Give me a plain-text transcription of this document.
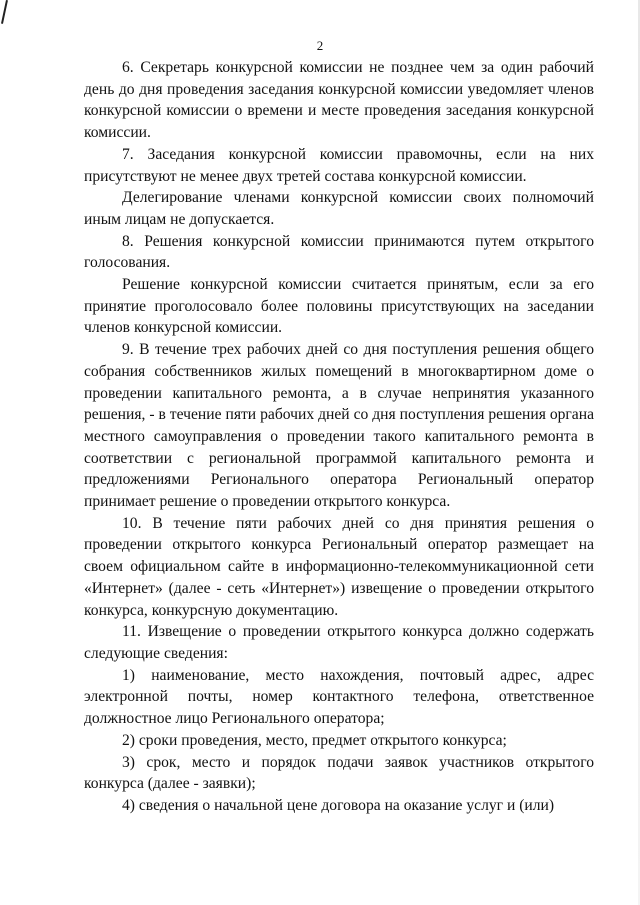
2

6. Секретарь конкурсной комиссии не позднее чем за один рабочий день до дня проведения заседания конкурсной комиссии уведомляет членов конкурсной комиссии о времени и месте проведения заседания конкурсной комиссии.

7. Заседания конкурсной комиссии правомочны, если на них присутствуют не менее двух третей состава конкурсной комиссии.

Делегирование членами конкурсной комиссии своих полномочий иным лицам не допускается.

8. Решения конкурсной комиссии принимаются путем открытого голосования.

Решение конкурсной комиссии считается принятым, если за его принятие проголосовало более половины присутствующих на заседании членов конкурсной комиссии.

9. В течение трех рабочих дней со дня поступления решения общего собрания собственников жилых помещений в многоквартирном доме о проведении капитального ремонта, а в случае непринятия указанного решения, - в течение пяти рабочих дней со дня поступления решения органа местного самоуправления о проведении такого капитального ремонта в соответствии с региональной программой капитального ремонта и предложениями Регионального оператора Региональный оператор принимает решение о проведении открытого конкурса.

10. В течение пяти рабочих дней со дня принятия решения о проведении открытого конкурса Региональный оператор размещает на своем официальном сайте в информационно-телекоммуникационной сети «Интернет» (далее - сеть «Интернет») извещение о проведении открытого конкурса, конкурсную документацию.

11. Извещение о проведении открытого конкурса должно содержать следующие сведения:

1) наименование, место нахождения, почтовый адрес, адрес электронной почты, номер контактного телефона, ответственное должностное лицо Регионального оператора;

2) сроки проведения, место, предмет открытого конкурса;

3) срок, место и порядок подачи заявок участников открытого конкурса (далее - заявки);

4) сведения о начальной цене договора на оказание услуг и (или)
